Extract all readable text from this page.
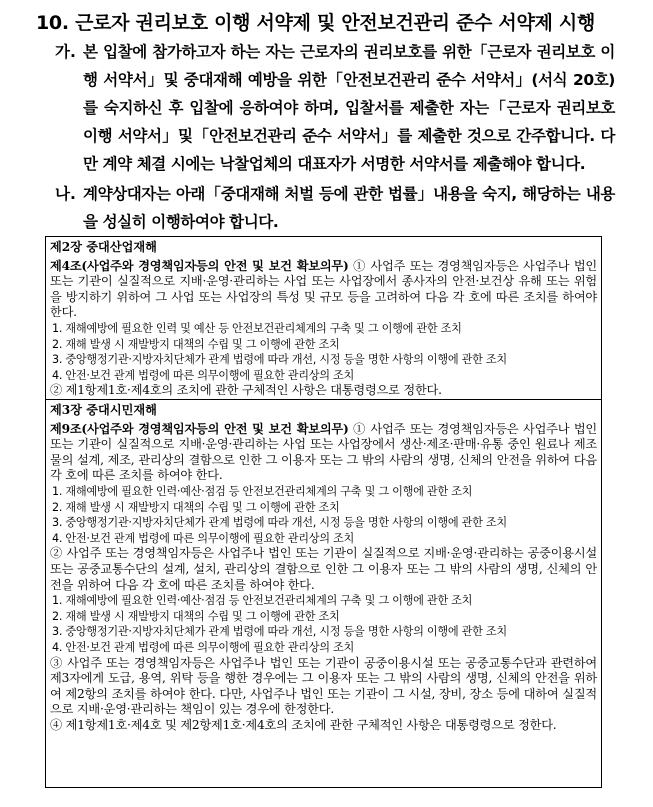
10. 근로자 권리보호 이행 서약제 및 안전보건관리 준수 서약제 시행
가. 본 입찰에 참가하고자 하는 자는 근로자의 권리보호를 위한「근로자 권리보호 이행 서약서」및 중대재해 예방을 위한「안전보건관리 준수 서약서」(서식 20호)를 숙지하신 후 입찰에 응하여야 하며, 입찰서를 제출한 자는「근로자 권리보호 이행 서약서」및「안전보건관리 준수 서약서」를 제출한 것으로 간주합니다. 다만 계약 체결 시에는 낙찰업체의 대표자가 서명한 서약서를 제출해야 합니다.
나. 계약상대자는 아래「중대재해 처벌 등에 관한 법률」내용을 숙지, 해당하는 내용을 성실히 이행하여야 합니다.
제2장 중대산업재해
제4조(사업주와 경영책임자등의 안전 및 보건 확보의무) ① 사업주 또는 경영책임자등은 사업주나 법인 또는 기관이 실질적으로 지배·운영·관리하는 사업 또는 사업장에서 종사자의 안전·보건상 유해 또는 위험을 방지하기 위하여 그 사업 또는 사업장의 특성 및 규모 등을 고려하여 다음 각 호에 따른 조치를 하여야 한다.
1. 재해예방에 필요한 인력 및 예산 등 안전보건관리체계의 구축 및 그 이행에 관한 조치
2. 재해 발생 시 재발방지 대책의 수립 및 그 이행에 관한 조치
3. 중앙행정기관·지방자치단체가 관계 법령에 따라 개선, 시정 등을 명한 사항의 이행에 관한 조치
4. 안전·보건 관계 법령에 따른 의무이행에 필요한 관리상의 조치
② 제1항제1호·제4호의 조치에 관한 구체적인 사항은 대통령령으로 정한다.
제3장 중대시민재해
제9조(사업주와 경영책임자등의 안전 및 보건 확보의무) ① 사업주 또는 경영책임자등은 사업주나 법인 또는 기관이 실질적으로 지배·운영·관리하는 사업 또는 사업장에서 생산·제조·판매·유통 중인 원료나 제조물의 설계, 제조, 관리상의 결함으로 인한 그 이용자 또는 그 밖의 사람의 생명, 신체의 안전을 위하여 다음 각 호에 따른 조치를 하여야 한다.
1. 재해예방에 필요한 인력·예산·점검 등 안전보건관리체계의 구축 및 그 이행에 관한 조치
2. 재해 발생 시 재발방지 대책의 수립 및 그 이행에 관한 조치
3. 중앙행정기관·지방자치단체가 관계 법령에 따라 개선, 시정 등을 명한 사항의 이행에 관한 조치
4. 안전·보건 관계 법령에 따른 의무이행에 필요한 관리상의 조치
② 사업주 또는 경영책임자등은 사업주나 법인 또는 기관이 실질적으로 지배·운영·관리하는 공중이용시설 또는 공중교통수단의 설계, 설치, 관리상의 결함으로 인한 그 이용자 또는 그 밖의 사람의 생명, 신체의 안전을 위하여 다음 각 호에 따른 조치를 하여야 한다.
1. 재해예방에 필요한 인력·예산·점검 등 안전보건관리체계의 구축 및 그 이행에 관한 조치
2. 재해 발생 시 재발방지 대책의 수립 및 그 이행에 관한 조치
3. 중앙행정기관·지방자치단체가 관계 법령에 따라 개선, 시정 등을 명한 사항의 이행에 관한 조치
4. 안전·보건 관계 법령에 따른 의무이행에 필요한 관리상의 조치
③ 사업주 또는 경영책임자등은 사업주나 법인 또는 기관이 공중이용시설 또는 공중교통수단과 관련하여 제3자에게 도급, 용역, 위탁 등을 행한 경우에는 그 이용자 또는 그 밖의 사람의 생명, 신체의 안전을 위하여 제2항의 조치를 하여야 한다. 다만, 사업주나 법인 또는 기관이 그 시설, 장비, 장소 등에 대하여 실질적으로 지배·운영·관리하는 책임이 있는 경우에 한정한다.
④ 제1항제1호·제4호 및 제2항제1호·제4호의 조치에 관한 구체적인 사항은 대통령령으로 정한다.
